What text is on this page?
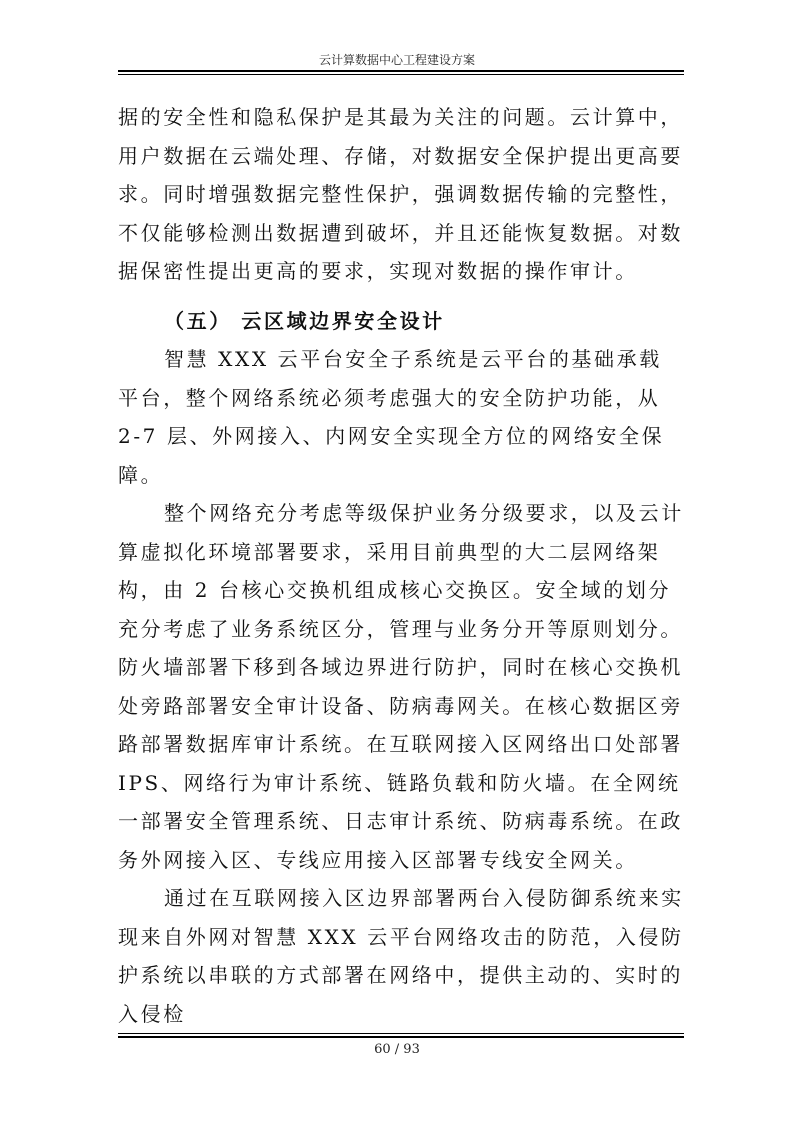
云计算数据中心工程建设方案

据的安全性和隐私保护是其最为关注的问题。云计算中，用户数据在云端处理、存储，对数据安全保护提出更高要求。同时增强数据完整性保护，强调数据传输的完整性，不仅能够检测出数据遭到破坏，并且还能恢复数据。对数据保密性提出更高的要求，实现对数据的操作审计。

（五） 云区域边界安全设计

智慧 XXX 云平台安全子系统是云平台的基础承载平台，整个网络系统必须考虑强大的安全防护功能，从 2-7 层、外网接入、内网安全实现全方位的网络安全保障。

整个网络充分考虑等级保护业务分级要求，以及云计算虚拟化环境部署要求，采用目前典型的大二层网络架构，由 2 台核心交换机组成核心交换区。安全域的划分充分考虑了业务系统区分，管理与业务分开等原则划分。防火墙部署下移到各域边界进行防护，同时在核心交换机处旁路部署安全审计设备、防病毒网关。在核心数据区旁路部署数据库审计系统。在互联网接入区网络出口处部署 IPS、网络行为审计系统、链路负载和防火墙。在全网统一部署安全管理系统、日志审计系统、防病毒系统。在政务外网接入区、专线应用接入区部署专线安全网关。

通过在互联网接入区边界部署两台入侵防御系统来实现来自外网对智慧 XXX 云平台网络攻击的防范，入侵防护系统以串联的方式部署在网络中，提供主动的、实时的入侵检

60 / 93
